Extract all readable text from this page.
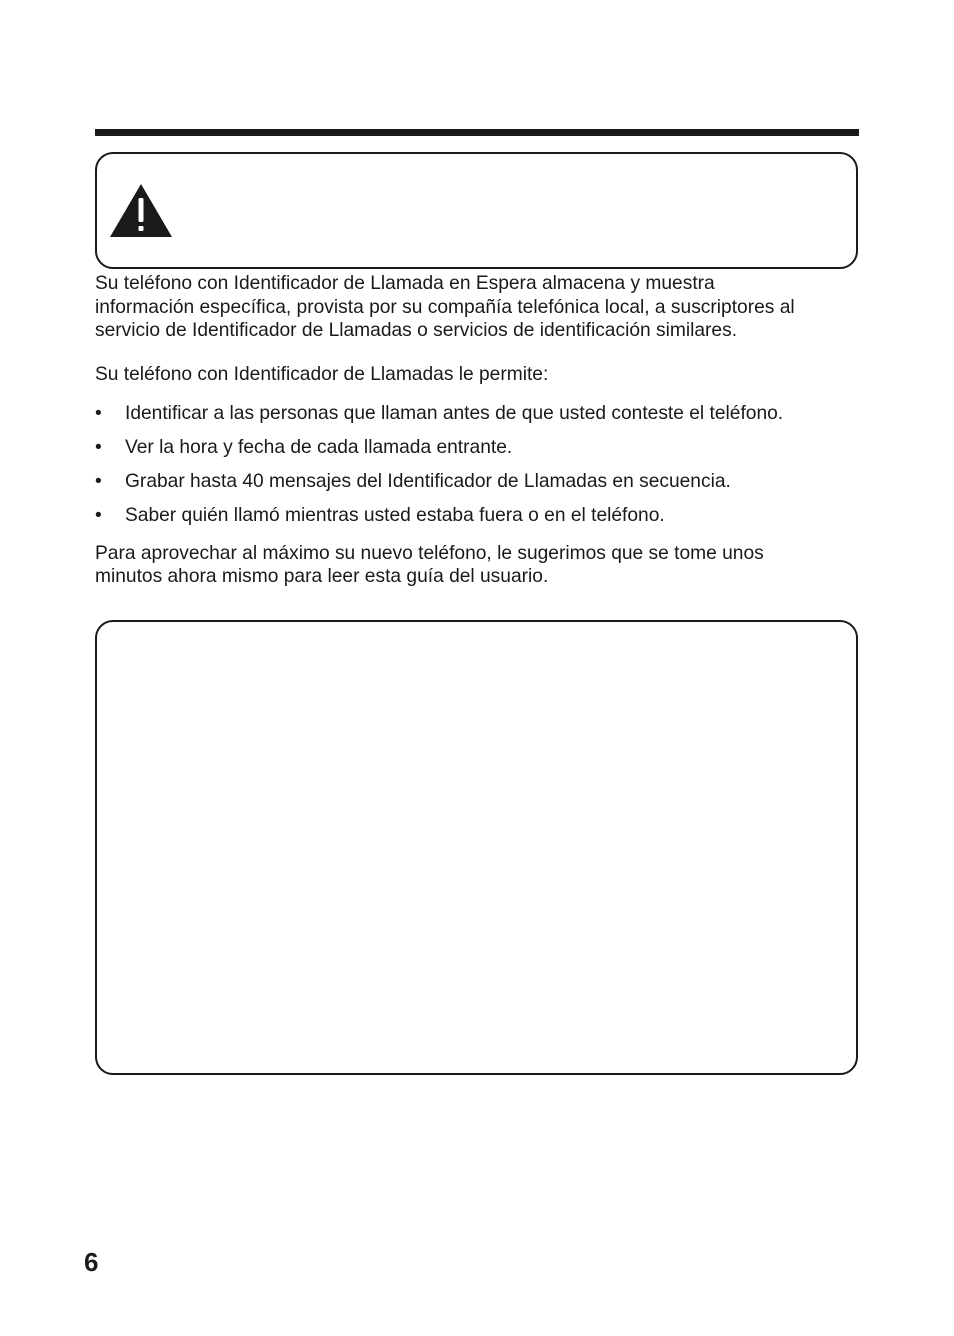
Su teléfono con Identificador de Llamada en Espera almacena y muestra
información específica, provista por su compañía telefónica local, a suscriptores al
servicio de Identificador de Llamadas o servicios de identificación similares.

Su teléfono con Identificador de Llamadas le permite:

• Identificar a las personas que llaman antes de que usted conteste el teléfono.
• Ver la hora y fecha de cada llamada entrante.
• Grabar hasta 40 mensajes del Identificador de Llamadas en secuencia.
• Saber quién llamó mientras usted estaba fuera o en el teléfono.

Para aprovechar al máximo su nuevo teléfono, le sugerimos que se tome unos
minutos ahora mismo para leer esta guía del usuario.

6
